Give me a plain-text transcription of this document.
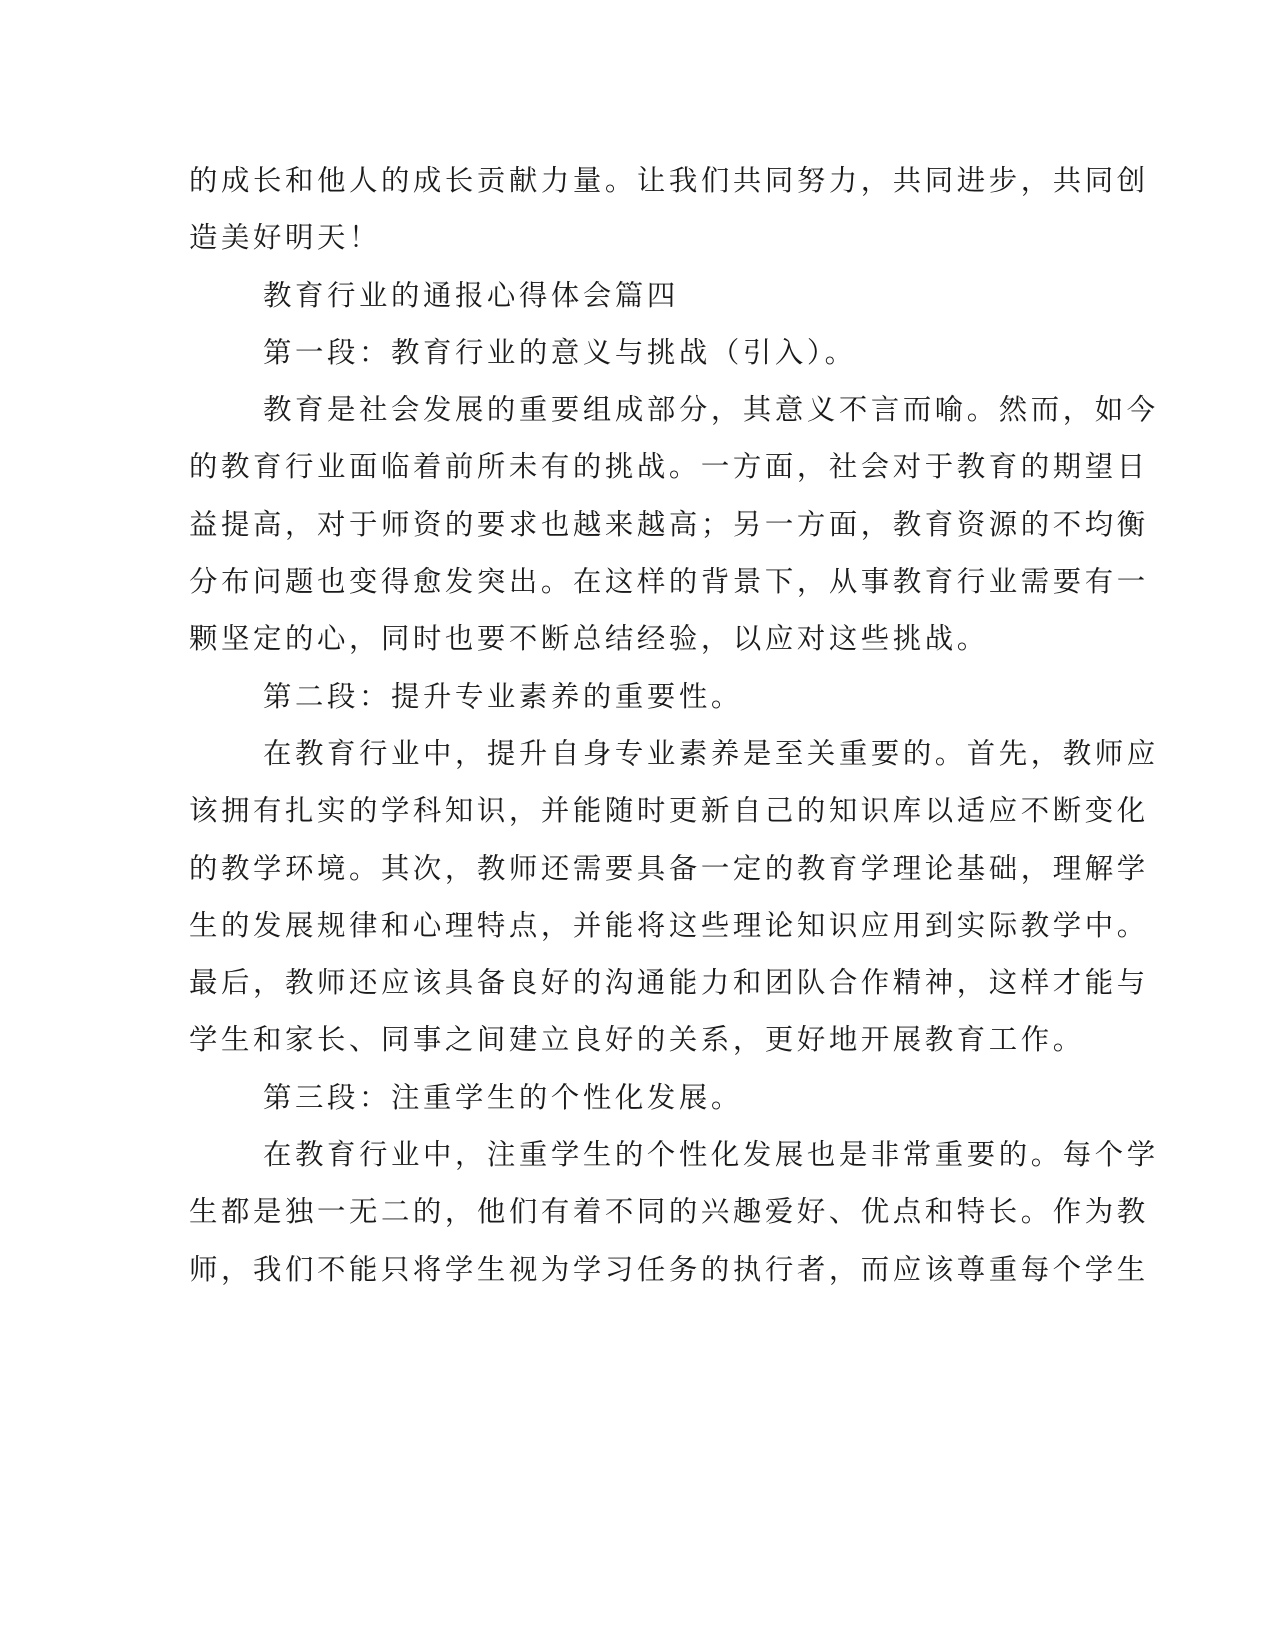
的成长和他人的成长贡献力量。让我们共同努力，共同进步，共同创
造美好明天！
教育行业的通报心得体会篇四
第一段：教育行业的意义与挑战（引入）。
教育是社会发展的重要组成部分，其意义不言而喻。然而，如今
的教育行业面临着前所未有的挑战。一方面，社会对于教育的期望日
益提高，对于师资的要求也越来越高；另一方面，教育资源的不均衡
分布问题也变得愈发突出。在这样的背景下，从事教育行业需要有一
颗坚定的心，同时也要不断总结经验，以应对这些挑战。
第二段：提升专业素养的重要性。
在教育行业中，提升自身专业素养是至关重要的。首先，教师应
该拥有扎实的学科知识，并能随时更新自己的知识库以适应不断变化
的教学环境。其次，教师还需要具备一定的教育学理论基础，理解学
生的发展规律和心理特点，并能将这些理论知识应用到实际教学中。
最后，教师还应该具备良好的沟通能力和团队合作精神，这样才能与
学生和家长、同事之间建立良好的关系，更好地开展教育工作。
第三段：注重学生的个性化发展。
在教育行业中，注重学生的个性化发展也是非常重要的。每个学
生都是独一无二的，他们有着不同的兴趣爱好、优点和特长。作为教
师，我们不能只将学生视为学习任务的执行者，而应该尊重每个学生
